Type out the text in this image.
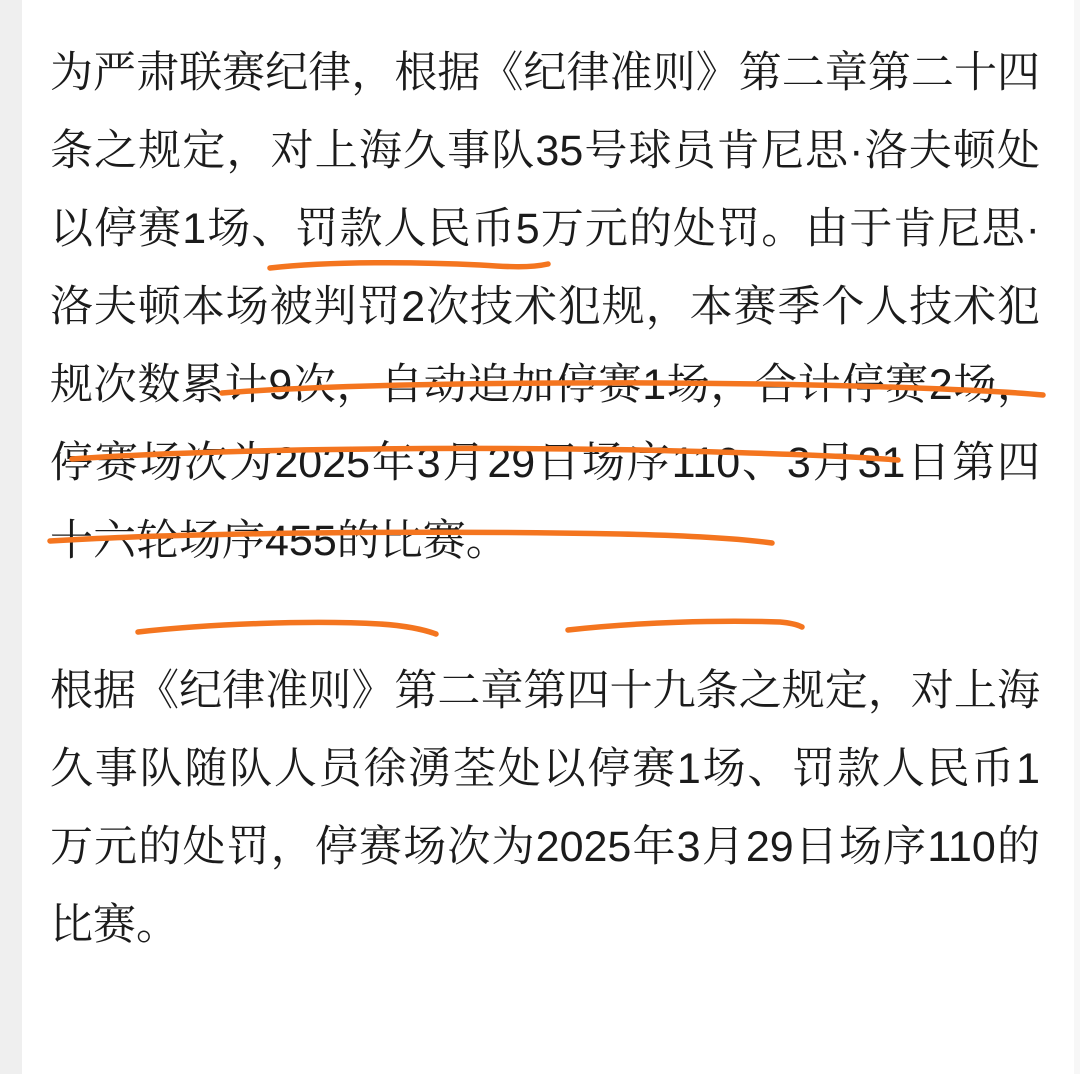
为严肃联赛纪律，根据《纪律准则》第二章第二十四条之规定，对上海久事队35号球员肯尼思·洛夫顿处以停赛1场、罚款人民币5万元的处罚。由于肯尼思·洛夫顿本场被判罚2次技术犯规，本赛季个人技术犯规次数累计9次，自动追加停赛1场，合计停赛2场，停赛场次为2025年3月29日场序110、3月31日第四十六轮场序455的比赛。

根据《纪律准则》第二章第四十九条之规定，对上海久事队随队人员徐湧荃处以停赛1场、罚款人民币1万元的处罚，停赛场次为2025年3月29日场序110的比赛。
